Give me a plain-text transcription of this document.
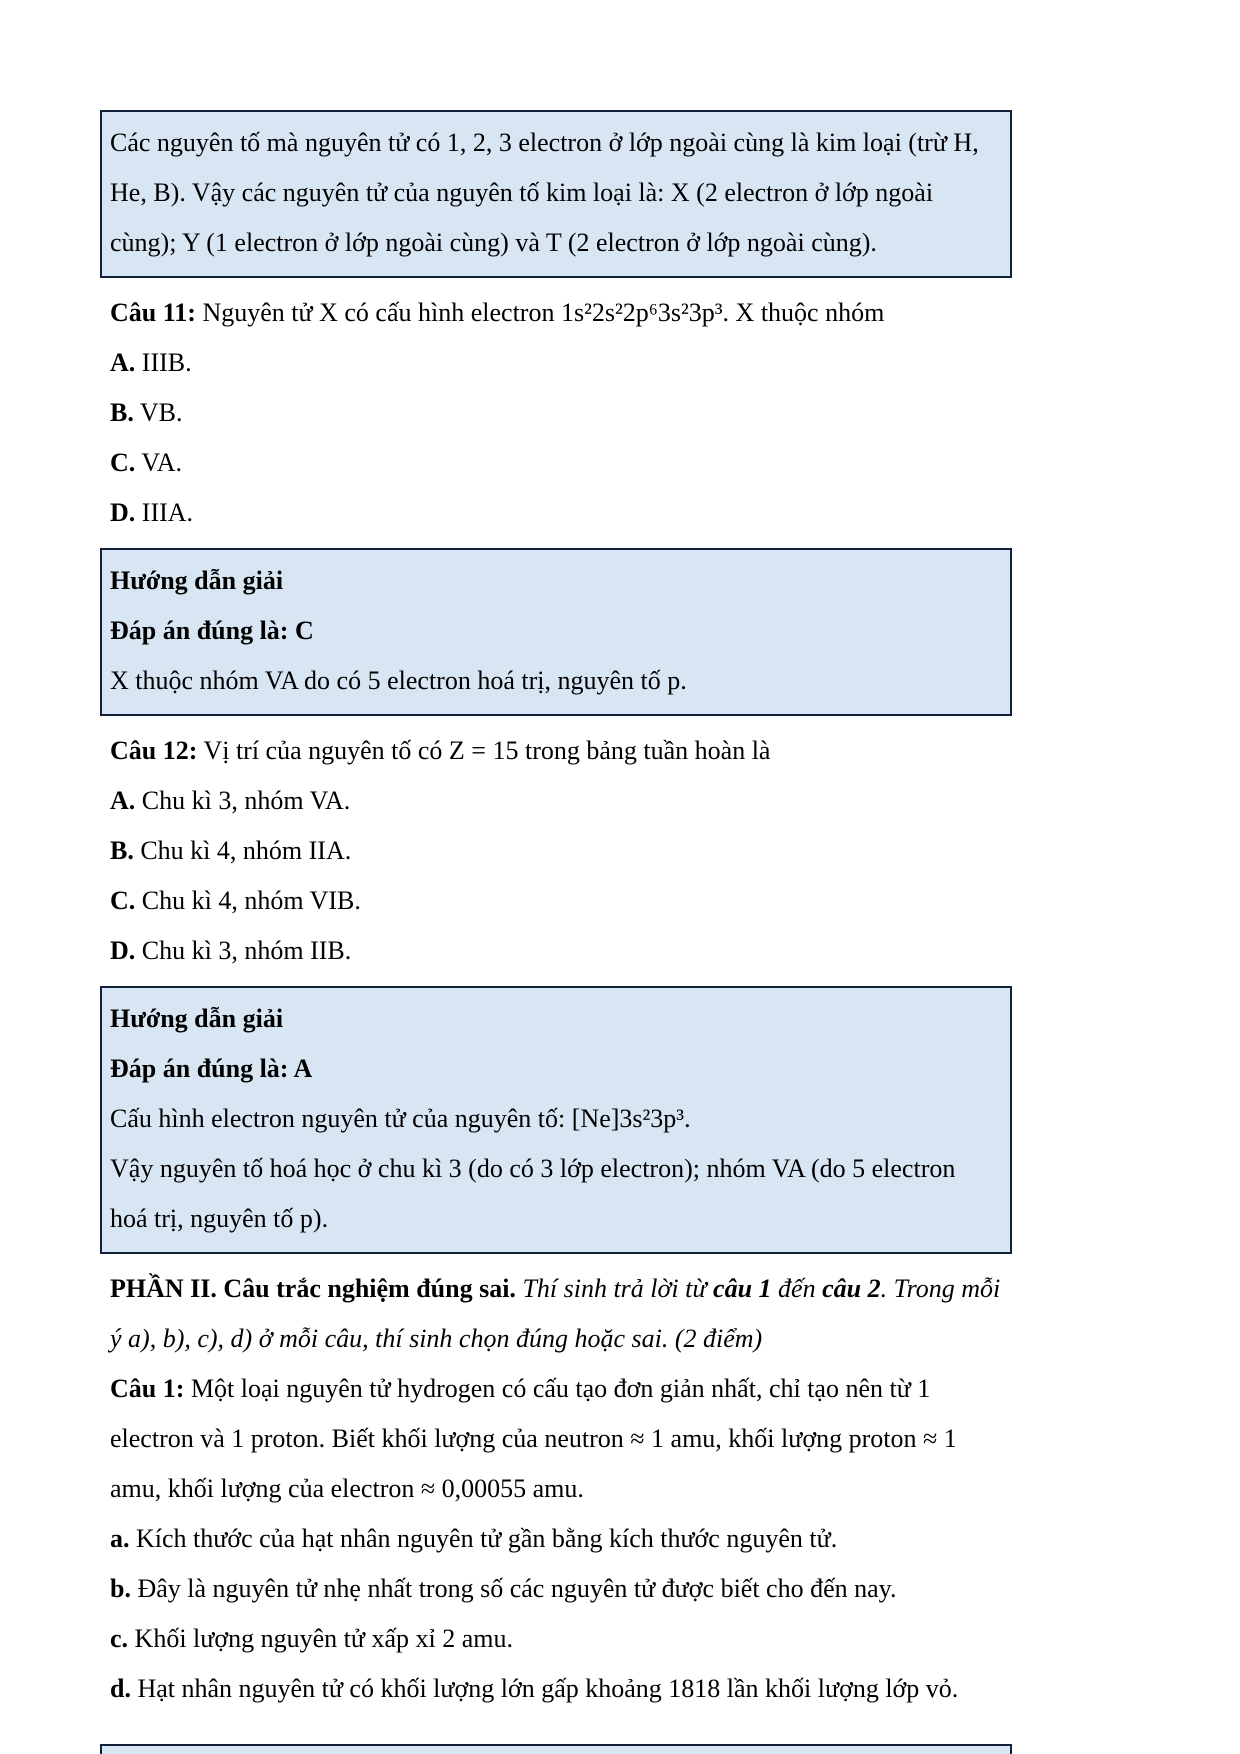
Các nguyên tố mà nguyên tử có 1, 2, 3 electron ở lớp ngoài cùng là kim loại (trừ H, He, B). Vậy các nguyên tử của nguyên tố kim loại là: X (2 electron ở lớp ngoài cùng); Y (1 electron ở lớp ngoài cùng) và T (2 electron ở lớp ngoài cùng).

Câu 11: Nguyên tử X có cấu hình electron 1s²2s²2p⁶3s²3p³. X thuộc nhóm

A. IIIB.

B. VB.

C. VA.

D. IIIA.

Hướng dẫn giải

Đáp án đúng là: C

X thuộc nhóm VA do có 5 electron hoá trị, nguyên tố p.

Câu 12: Vị trí của nguyên tố có Z = 15 trong bảng tuần hoàn là

A. Chu kì 3, nhóm VA.

B. Chu kì 4, nhóm IIA.

C. Chu kì 4, nhóm VIB.

D. Chu kì 3, nhóm IIB.

Hướng dẫn giải

Đáp án đúng là: A

Cấu hình electron nguyên tử của nguyên tố: [Ne]3s²3p³.

Vậy nguyên tố hoá học ở chu kì 3 (do có 3 lớp electron); nhóm VA (do 5 electron hoá trị, nguyên tố p).

PHẦN II. Câu trắc nghiệm đúng sai. Thí sinh trả lời từ câu 1 đến câu 2. Trong mỗi ý a), b), c), d) ở mỗi câu, thí sinh chọn đúng hoặc sai. (2 điểm)

Câu 1: Một loại nguyên tử hydrogen có cấu tạo đơn giản nhất, chỉ tạo nên từ 1 electron và 1 proton. Biết khối lượng của neutron ≈ 1 amu, khối lượng proton ≈ 1 amu, khối lượng của electron ≈ 0,00055 amu.

a. Kích thước của hạt nhân nguyên tử gần bằng kích thước nguyên tử.

b. Đây là nguyên tử nhẹ nhất trong số các nguyên tử được biết cho đến nay.

c. Khối lượng nguyên tử xấp xỉ 2 amu.

d. Hạt nhân nguyên tử có khối lượng lớn gấp khoảng 1818 lần khối lượng lớp vỏ.
